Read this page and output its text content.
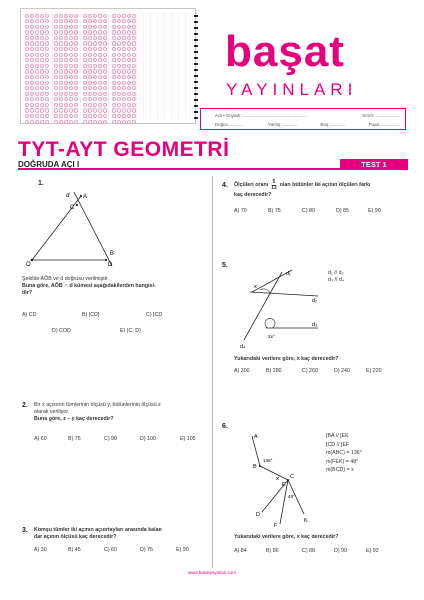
başat
YAYINLARI
Adı • Soyadı: ..................................................	Sınıfı: ....................
Doğru: ...........	Yanlış: ...........	Boş: ...........	Puan: ...............
TYT-AYT GEOMETRİ
DOĞRUDA AÇI I	TEST 1
1.
d A
C
B
O	D
Şekilde AÔB ve d doğrusu verilmiştir.
Buna göre, AÔB ∩ d kümesi aşağıdakilerden hangisi-
dir?
A) CD	B) [CD]	C) [CD
D) COD	E) {C, D}
2. Bir x açısının tümlerinin ölçüsü y, bütünlerinin ölçüsü z
olarak veriliyor.
Buna göre, z – y kaç derecedir?
A) 60	B) 75	C) 90	D) 100	E) 105
3. Komşu tümler iki açının açıortayları arasında kalan
dar açının ölçüsü kaç derecedir?
A) 30	B) 45	C) 60	D) 75	E) 90
4. Ölçüleri oranı
5
13
olan bütünler iki açının ölçüleri farkı
kaç derecedir?
A) 70	B) 75	C) 80	D) 85	E) 90
5.
d₁
d₂
d₃
d₄
x
2x°
d₁ // d₂
d₃ // d₄
Yukarıdaki verilere göre, x kaç derecedir?
A) 300	B) 280	C) 260	D) 240	E) 220
6.
A
B
C
D
E
F
K
136°
48°
x
[BA // [EK
[CD // [EF
m(ABC) = 136°
m(FEK) = 48°
m(BCD) = x
Yukarıdaki verilere göre, x kaç derecedir?
A) 84	B) 86	C) 88	D) 90	E) 92
www.basatyayinlari.com
